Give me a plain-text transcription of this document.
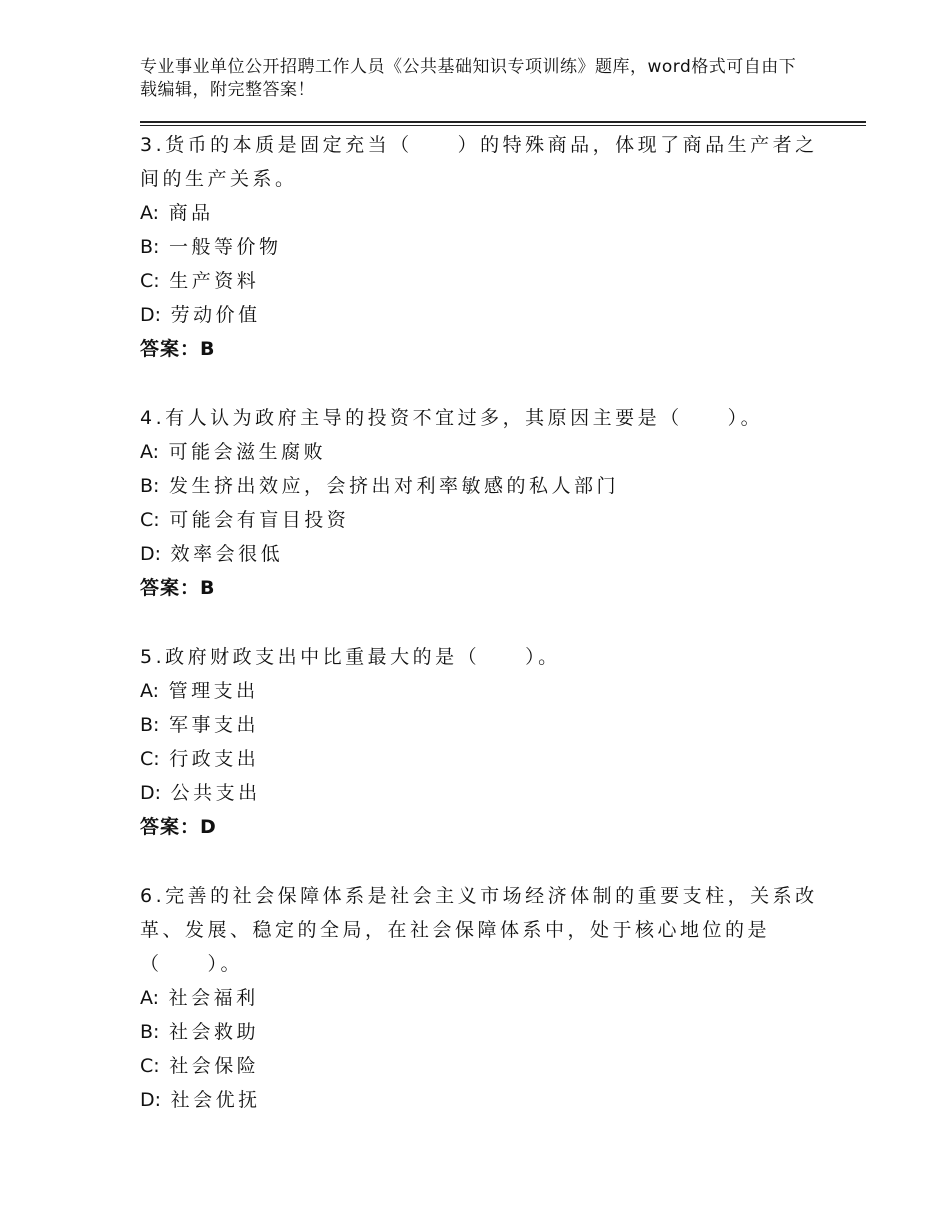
专业事业单位公开招聘工作人员《公共基础知识专项训练》题库，word格式可自由下载编辑，附完整答案！
3.货币的本质是固定充当（　　）的特殊商品，体现了商品生产者之间的生产关系。
A: 商品
B: 一般等价物
C: 生产资料
D: 劳动价值
答案：B
4.有人认为政府主导的投资不宜过多，其原因主要是（　　）。
A: 可能会滋生腐败
B: 发生挤出效应，会挤出对利率敏感的私人部门
C: 可能会有盲目投资
D: 效率会很低
答案：B
5.政府财政支出中比重最大的是（　　）。
A: 管理支出
B: 军事支出
C: 行政支出
D: 公共支出
答案：D
6.完善的社会保障体系是社会主义市场经济体制的重要支柱，关系改革、发展、稳定的全局，在社会保障体系中，处于核心地位的是（　　）。
A: 社会福利
B: 社会救助
C: 社会保险
D: 社会优抚
